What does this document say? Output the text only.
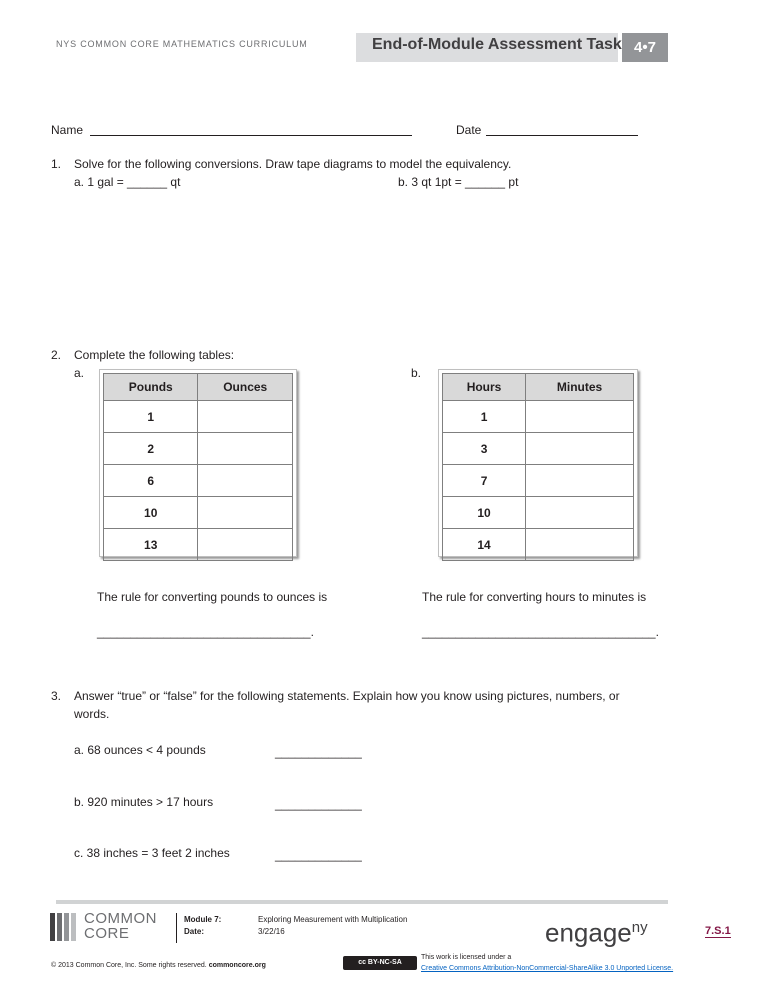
NYS COMMON CORE MATHEMATICS CURRICULUM	End-of-Module Assessment Task 4•7
Name	Date
1. Solve for the following conversions. Draw tape diagrams to model the equivalency.
a. 1 gal = ______ qt	b. 3 qt 1pt = ______ pt
2. Complete the following tables:
a.	b.
Pounds	Ounces
1	
2	
6	
10	
13	
Hours	Minutes
1	
3	
7	
10	
14	
The rule for converting pounds to ounces is	The rule for converting hours to minutes is
________________________________.	___________________________________.
3. Answer “true” or “false” for the following statements. Explain how you know using pictures, numbers, or
words.
a. 68 ounces < 4 pounds	_____________
b. 920 minutes > 17 hours	_____________
c. 38 inches = 3 feet 2 inches	_____________
COMMON
CORE
Module 7:
Date:
Exploring Measurement with Multiplication
3/22/16	engage$^{ny}$	7.S.1
© 2013 Common Core, Inc. Some rights reserved. commoncore.org	cc BY-NC-SA
This work is licensed under a
Creative Commons Attribution-NonCommercial-ShareAlike 3.0 Unported License.
